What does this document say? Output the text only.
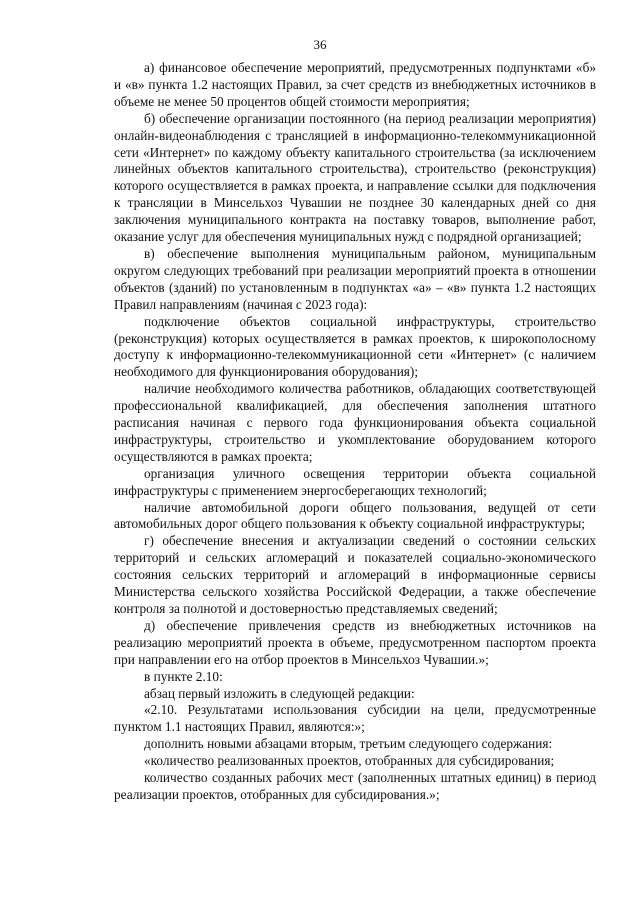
36

а) финансовое обеспечение мероприятий, предусмотренных подпунктами «б» и «в» пункта 1.2 настоящих Правил, за счет средств из внебюджетных источников в объеме не менее 50 процентов общей стоимости мероприятия;

б) обеспечение организации постоянного (на период реализации мероприятия) онлайн-видеонаблюдения с трансляцией в информационно-телекоммуникационной сети «Интернет» по каждому объекту капитального строительства (за исключением линейных объектов капитального строительства), строительство (реконструкция) которого осуществляется в рамках проекта, и направление ссылки для подключения к трансляции в Минсельхоз Чувашии не позднее 30 календарных дней со дня заключения муниципального контракта на поставку товаров, выполнение работ, оказание услуг для обеспечения муниципальных нужд с подрядной организацией;

в) обеспечение выполнения муниципальным районом, муниципальным округом следующих требований при реализации мероприятий проекта в отношении объектов (зданий) по установленным в подпунктах «а» – «в» пункта 1.2 настоящих Правил направлениям (начиная с 2023 года):

подключение объектов социальной инфраструктуры, строительство (реконструкция) которых осуществляется в рамках проектов, к широкополосному доступу к информационно-телекоммуникационной сети «Интернет» (с наличием необходимого для функционирования оборудования);

наличие необходимого количества работников, обладающих соответствующей профессиональной квалификацией, для обеспечения заполнения штатного расписания начиная с первого года функционирования объекта социальной инфраструктуры, строительство и укомплектование оборудованием которого осуществляются в рамках проекта;

организация уличного освещения территории объекта социальной инфраструктуры с применением энергосберегающих технологий;

наличие автомобильной дороги общего пользования, ведущей от сети автомобильных дорог общего пользования к объекту социальной инфраструктуры;

г) обеспечение внесения и актуализации сведений о состоянии сельских территорий и сельских агломераций и показателей социально-экономического состояния сельских территорий и агломераций в информационные сервисы Министерства сельского хозяйства Российской Федерации, а также обеспечение контроля за полнотой и достоверностью представляемых сведений;

д) обеспечение привлечения средств из внебюджетных источников на реализацию мероприятий проекта в объеме, предусмотренном паспортом проекта при направлении его на отбор проектов в Минсельхоз Чувашии.»;

в пункте 2.10:

абзац первый изложить в следующей редакции:

«2.10. Результатами использования субсидии на цели, предусмотренные пунктом 1.1 настоящих Правил, являются:»;

дополнить новыми абзацами вторым, третьим следующего содержания:

«количество реализованных проектов, отобранных для субсидирования;

количество созданных рабочих мест (заполненных штатных единиц) в период реализации проектов, отобранных для субсидирования.»;
